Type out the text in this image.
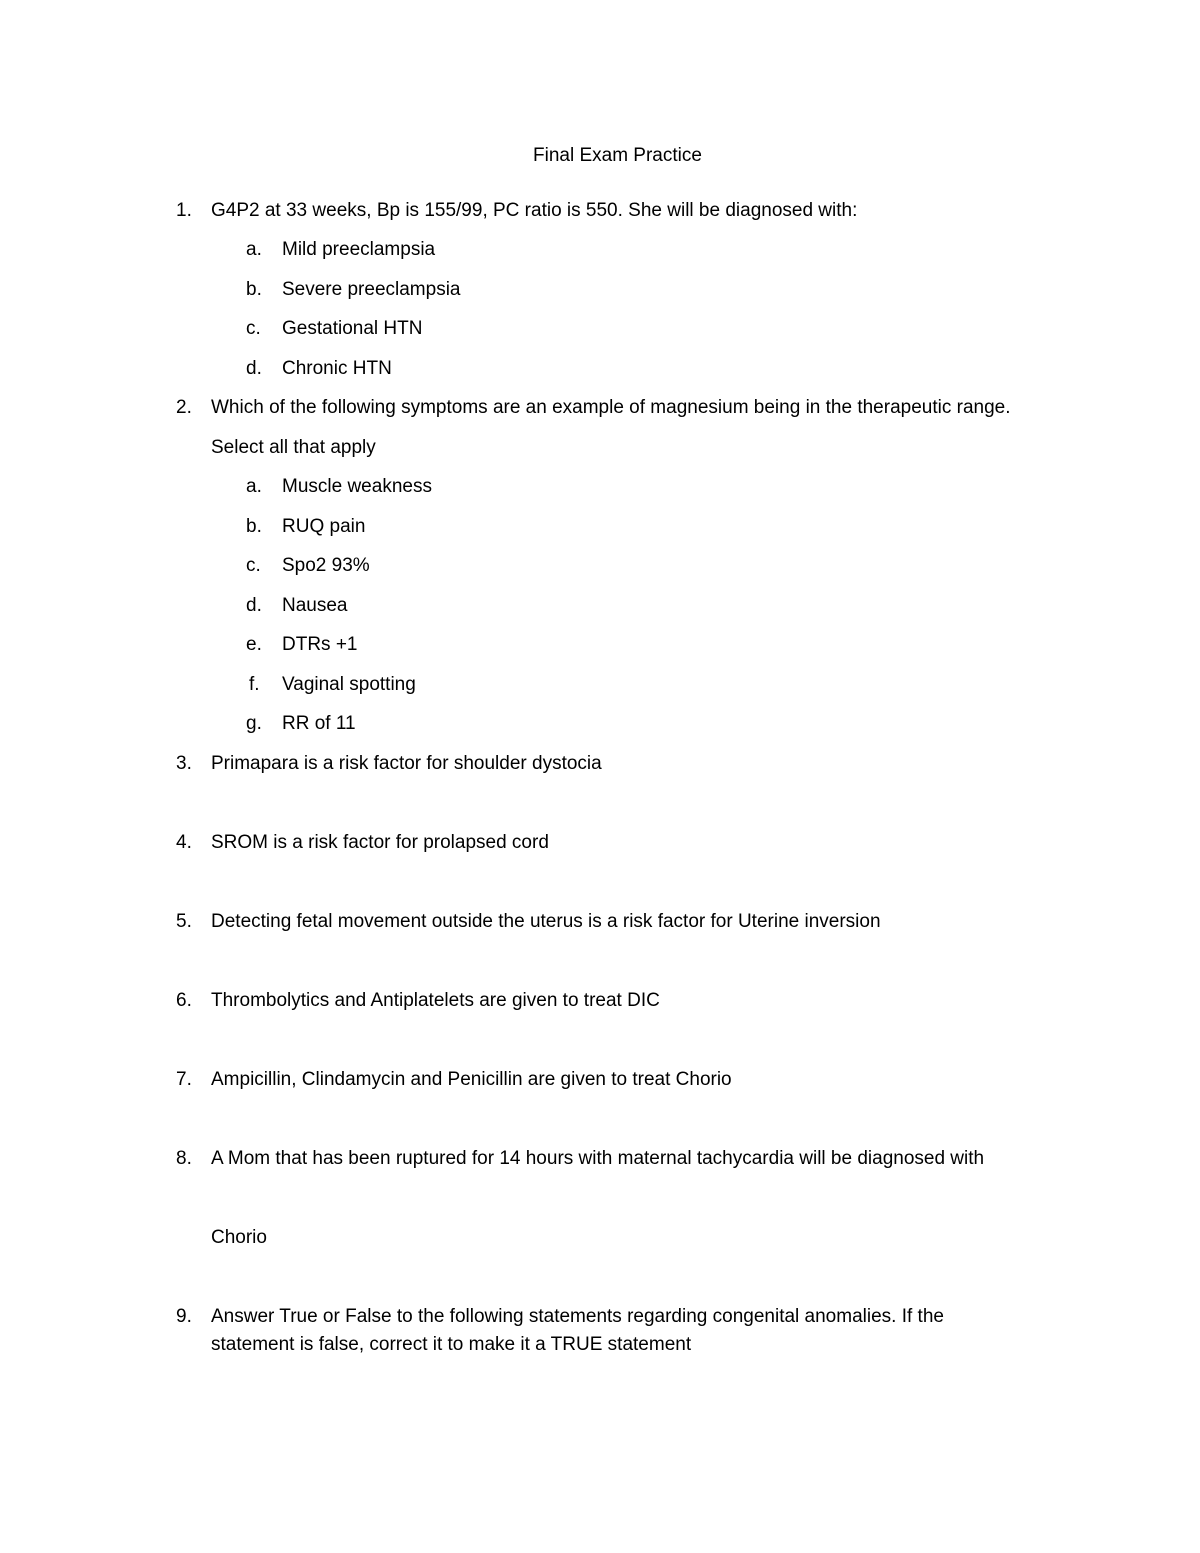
Final Exam Practice
1. G4P2 at 33 weeks, Bp is 155/99, PC ratio is 550. She will be diagnosed with:
a. Mild preeclampsia
b. Severe preeclampsia
c. Gestational HTN
d. Chronic HTN
2. Which of the following symptoms are an example of magnesium being in the therapeutic range.
Select all that apply
a. Muscle weakness
b. RUQ pain
c. Spo2 93%
d. Nausea
e. DTRs +1
f. Vaginal spotting
g. RR of 11
3. Primapara is a risk factor for shoulder dystocia
4. SROM is a risk factor for prolapsed cord
5. Detecting fetal movement outside the uterus is a risk factor for Uterine inversion
6. Thrombolytics and Antiplatelets are given to treat DIC
7. Ampicillin, Clindamycin and Penicillin are given to treat Chorio
8. A Mom that has been ruptured for 14 hours with maternal tachycardia will be diagnosed with
Chorio
9. Answer True or False to the following statements regarding congenital anomalies. If the
statement is false, correct it to make it a TRUE statement
